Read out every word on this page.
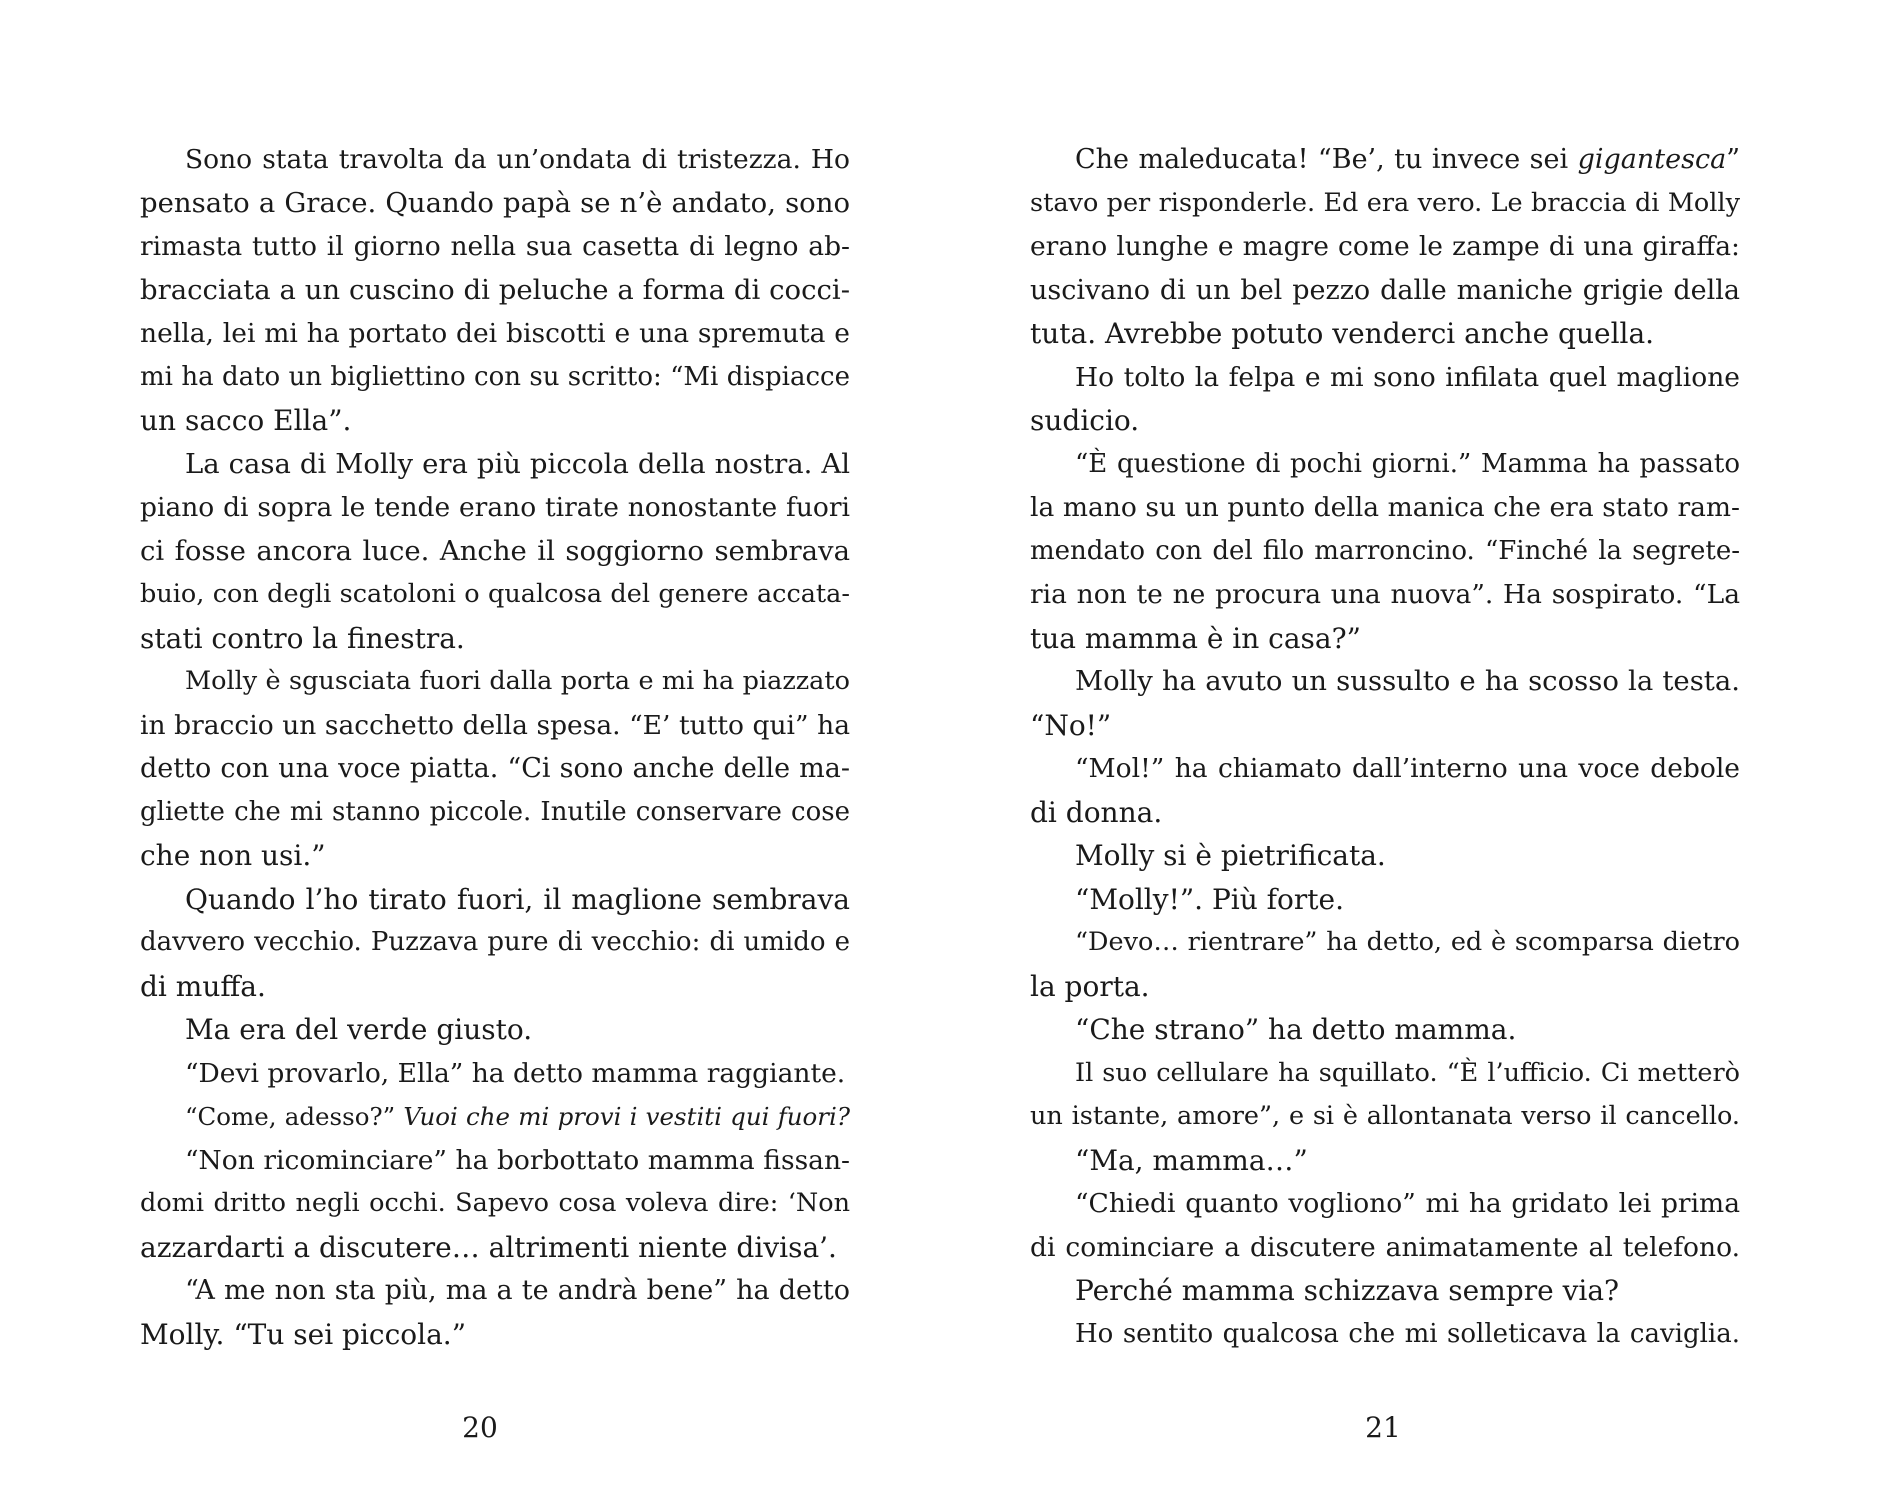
Sono stata travolta da un’ondata di tristezza. Ho
pensato a Grace. Quando papà se n’è andato, sono
rimasta tutto il giorno nella sua casetta di legno ab-
bracciata a un cuscino di peluche a forma di cocci-
nella, lei mi ha portato dei biscotti e una spremuta e
mi ha dato un bigliettino con su scritto: “Mi dispiacce
un sacco Ella”.
La casa di Molly era più piccola della nostra. Al
piano di sopra le tende erano tirate nonostante fuori
ci fosse ancora luce. Anche il soggiorno sembrava
buio, con degli scatoloni o qualcosa del genere accata-
stati contro la finestra.
Molly è sgusciata fuori dalla porta e mi ha piazzato
in braccio un sacchetto della spesa. “E’ tutto qui” ha
detto con una voce piatta. “Ci sono anche delle ma-
gliette che mi stanno piccole. Inutile conservare cose
che non usi.”
Quando l’ho tirato fuori, il maglione sembrava
davvero vecchio. Puzzava pure di vecchio: di umido e
di muffa.
Ma era del verde giusto.
“Devi provarlo, Ella” ha detto mamma raggiante.
“Come, adesso?” Vuoi che mi provi i vestiti qui fuori?
“Non ricominciare” ha borbottato mamma fissan-
domi dritto negli occhi. Sapevo cosa voleva dire: ‘Non
azzardarti a discutere… altrimenti niente divisa’.
“A me non sta più, ma a te andrà bene” ha detto
Molly. “Tu sei piccola.”
20
Che maleducata! “Be’, tu invece sei gigantesca”
stavo per risponderle. Ed era vero. Le braccia di Molly
erano lunghe e magre come le zampe di una giraffa:
uscivano di un bel pezzo dalle maniche grigie della
tuta. Avrebbe potuto venderci anche quella.
Ho tolto la felpa e mi sono infilata quel maglione
sudicio.
“È questione di pochi giorni.” Mamma ha passato
la mano su un punto della manica che era stato ram-
mendato con del filo marroncino. “Finché la segrete-
ria non te ne procura una nuova”. Ha sospirato. “La
tua mamma è in casa?”
Molly ha avuto un sussulto e ha scosso la testa.
“No!”
“Mol!” ha chiamato dall’interno una voce debole
di donna.
Molly si è pietrificata.
“Molly!”. Più forte.
“Devo… rientrare” ha detto, ed è scomparsa dietro
la porta.
“Che strano” ha detto mamma.
Il suo cellulare ha squillato. “È l’ufficio. Ci metterò
un istante, amore”, e si è allontanata verso il cancello.
“Ma, mamma…”
“Chiedi quanto vogliono” mi ha gridato lei prima
di cominciare a discutere animatamente al telefono.
Perché mamma schizzava sempre via?
Ho sentito qualcosa che mi solleticava la caviglia.
21
